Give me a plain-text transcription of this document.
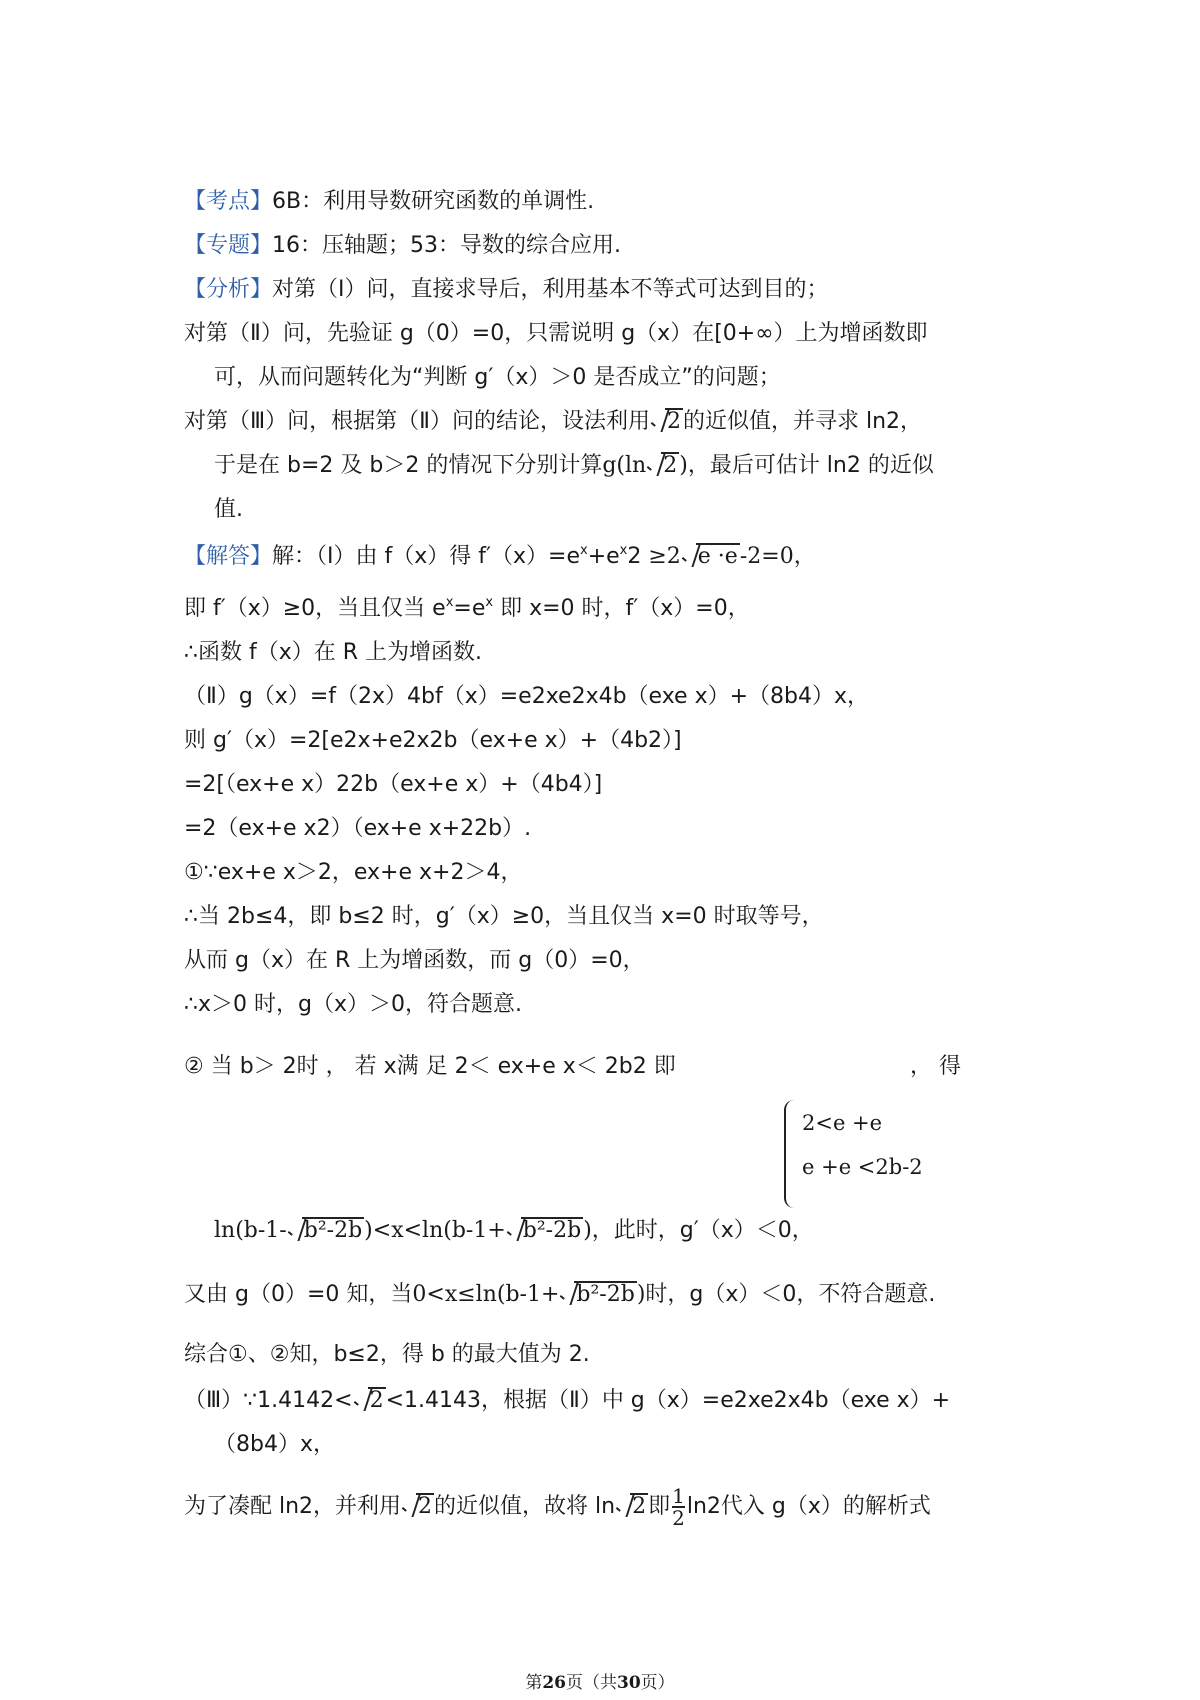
【考点】6B：利用导数研究函数的单调性.
【专题】16：压轴题；53：导数的综合应用.
【分析】对第（Ⅰ）问，直接求导后，利用基本不等式可达到目的；
对第（Ⅱ）问，先验证 g（0）=0，只需说明 g（x）在[0+∞）上为增函数即
可，从而问题转化为“判断 g′（x）＞0 是否成立”的问题；
对第（Ⅲ）问，根据第（Ⅱ）问的结论，设法利用 2的近似值，并寻求 ln2，
于是在 b=2 及 b＞2 的情况下分别计算g(ln 2)，最后可估计 ln2 的近似
值.
【解答】解：（Ⅰ）由 f（x）得 $f'(x)=e^x+e^x2 \ge 2$ e ·e-2=0，
即 f′（x）≥0，当且仅当 $e^x=e^x$ 即 x=0 时，f′（x）=0，
∴函数 f（x）在 R 上为增函数.
（Ⅱ）g（x）=f（2x）4bf（x）=e2xe2x4b（exe x）+（8b4）x，
则 g′（x）=2[e2x+e2x2b（ex+e x）+（4b2）]
=2[（ex+e x）22b（ex+e x）+（4b4）]
=2（ex+e x2）（ex+e x+22b）.
①∵ex+e x＞2，ex+e x+2＞4，
∴当 2b≤4，即 b≤2 时，g′（x）≥0，当且仅当 x=0 时取等号，
从而 g（x）在 R 上为增函数，而 g（0）=0，
∴x＞0 时，g（x）＞0，符合题意.
② 当 b＞ 2时 ， 若 x满 足 2＜ ex+e x＜ 2b2 即	， 得
2<e +e
e +e <2b-2
ln(b-1- b²-2b)<x<ln(b-1+ b²-2b)，此时，g′（x）＜0，
又由 g（0）=0 知，当0<x≤ln(b-1+ b²-2b)时，g（x）＜0，不符合题意.
综合①、②知，b≤2，得 b 的最大值为 2.
（Ⅲ）∵1.4142< 2<1.4143，根据（Ⅱ）中 g（x）=e2xe2x4b（exe x）+
（8b4）x，
为了凑配 ln2，并利用 2的近似值，故将 ln 2即 $\frac{1}{2} \ln 2$代入 g（x）的解析式
第26页（共30页）
